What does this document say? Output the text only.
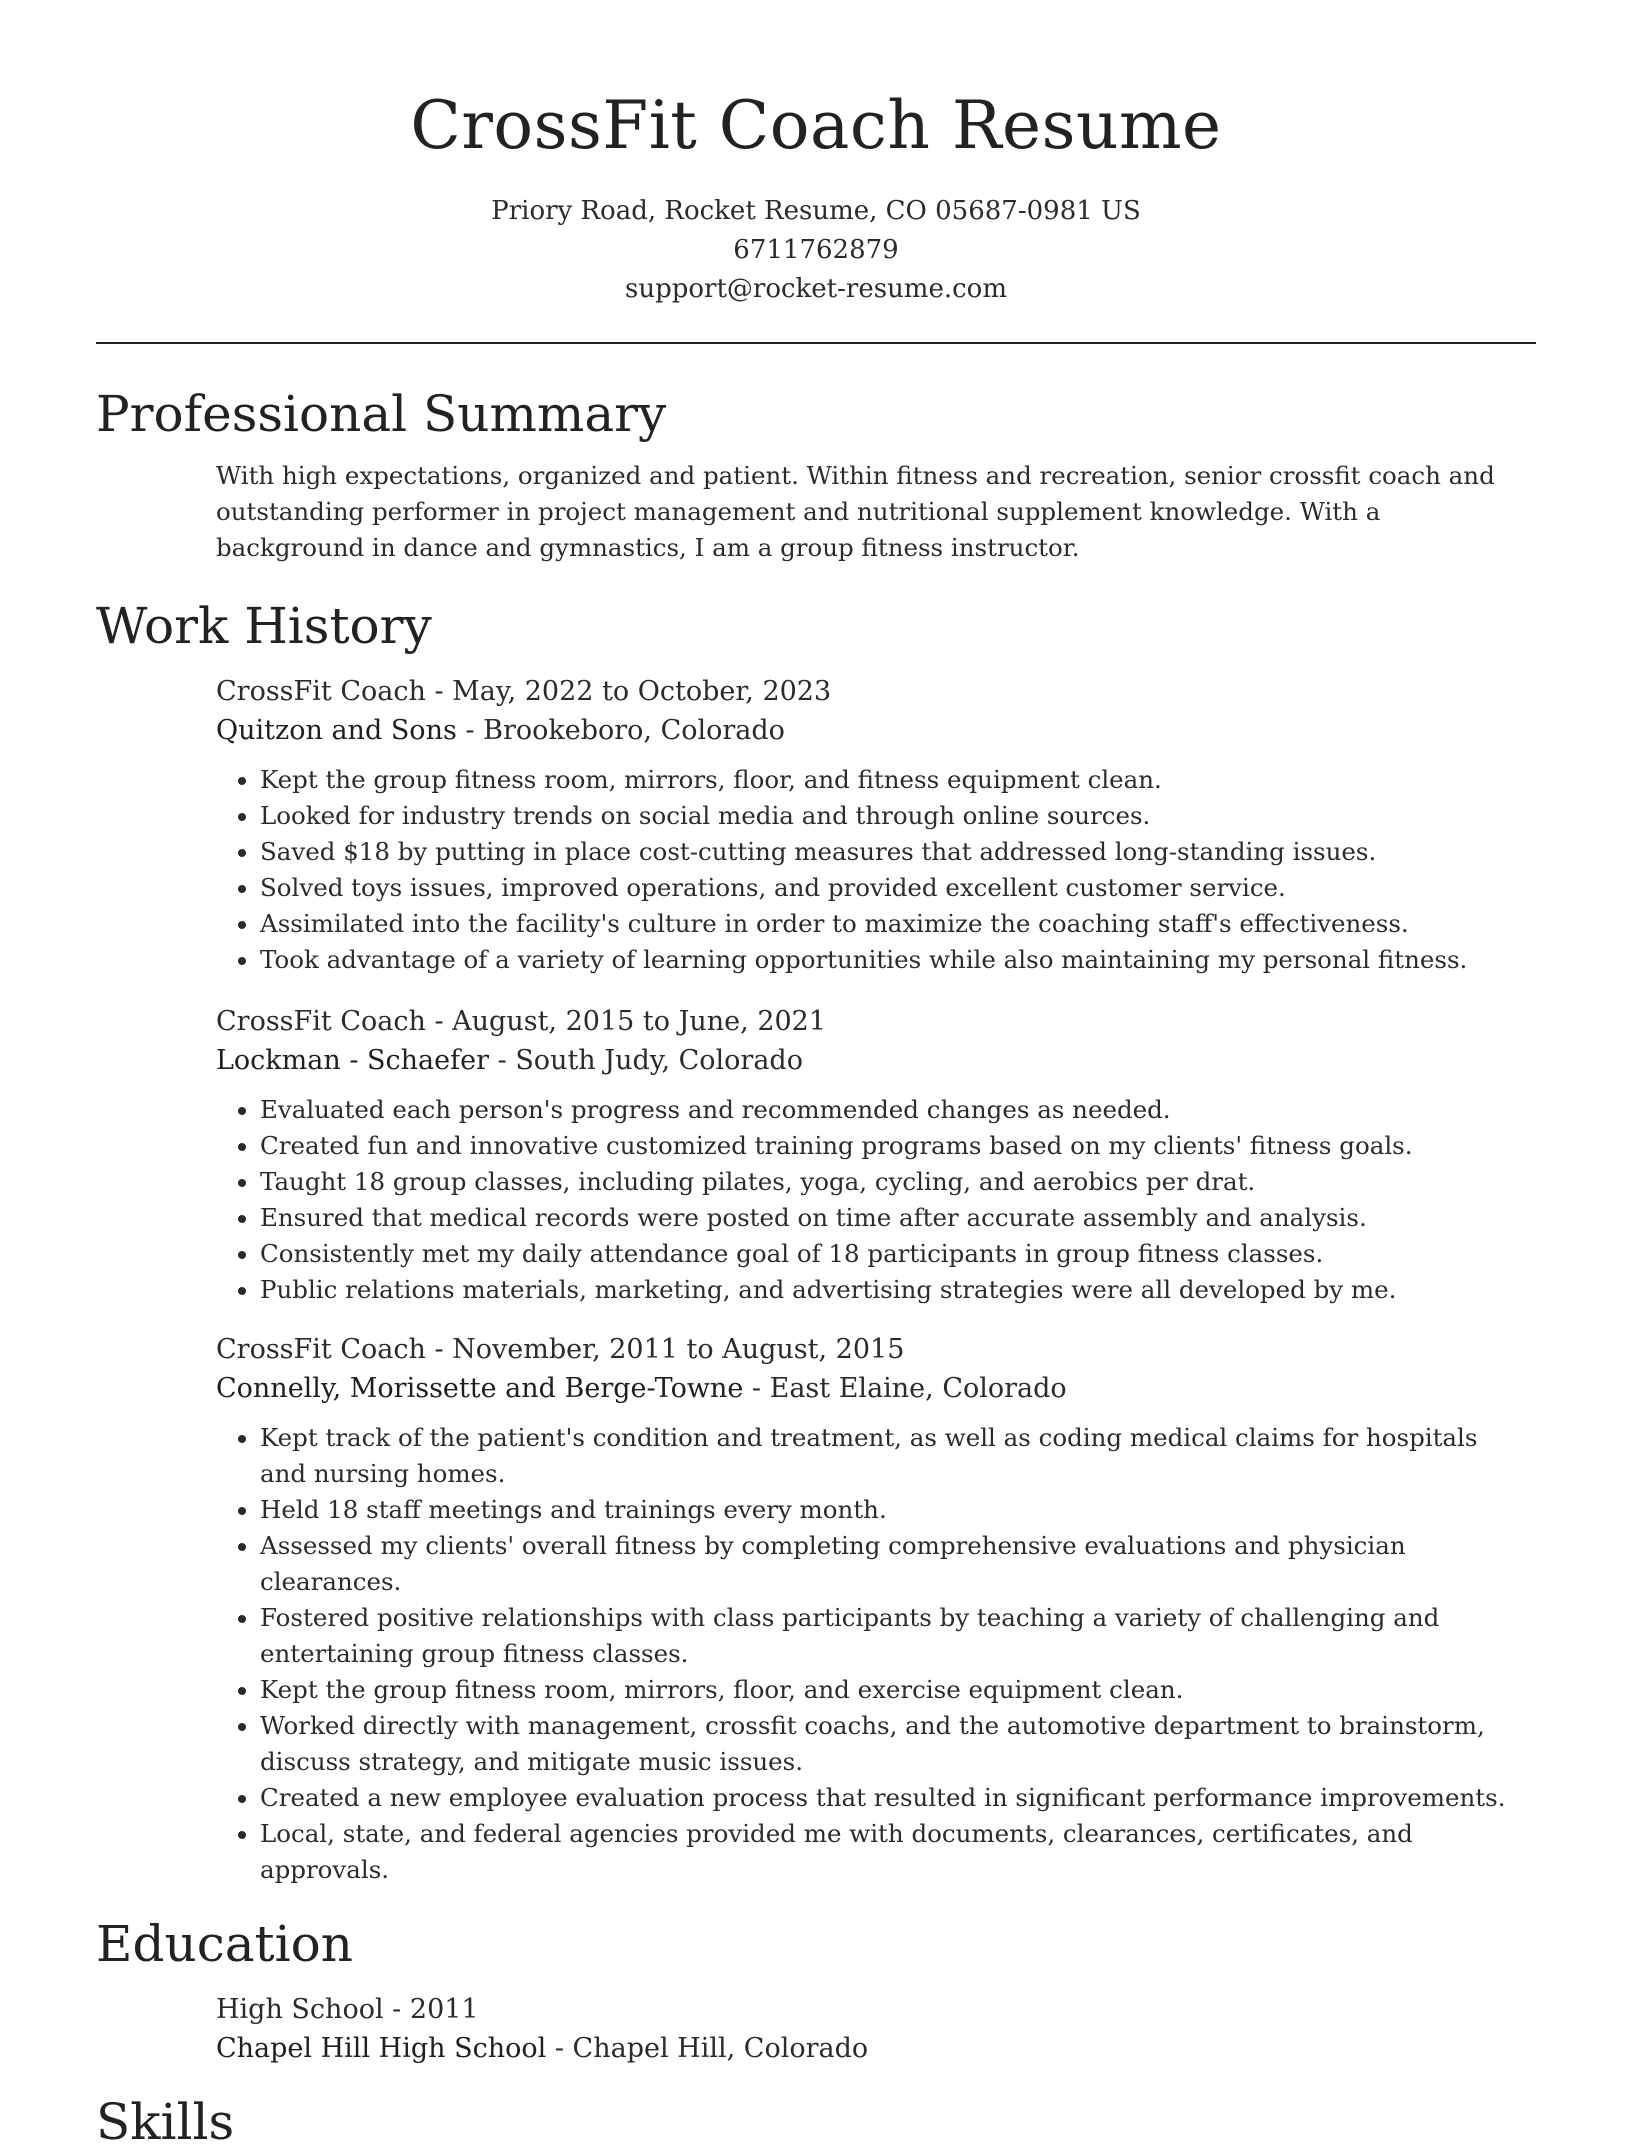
CrossFit Coach Resume
Priory Road, Rocket Resume, CO 05687-0981 US
6711762879
support@rocket-resume.com
Professional Summary

With high expectations, organized and patient. Within fitness and recreation, senior crossfit coach and outstanding performer in project management and nutritional supplement knowledge. With a background in dance and gymnastics, I am a group fitness instructor.

Work History
CrossFit Coach - May, 2022 to October, 2023
Quitzon and Sons - Brookeboro, Colorado
• Kept the group fitness room, mirrors, floor, and fitness equipment clean.
• Looked for industry trends on social media and through online sources.
• Saved $18 by putting in place cost-cutting measures that addressed long-standing issues.
• Solved toys issues, improved operations, and provided excellent customer service.
• Assimilated into the facility's culture in order to maximize the coaching staff's effectiveness.
• Took advantage of a variety of learning opportunities while also maintaining my personal fitness.
CrossFit Coach - August, 2015 to June, 2021
Lockman - Schaefer - South Judy, Colorado
• Evaluated each person's progress and recommended changes as needed.
• Created fun and innovative customized training programs based on my clients' fitness goals.
• Taught 18 group classes, including pilates, yoga, cycling, and aerobics per drat.
• Ensured that medical records were posted on time after accurate assembly and analysis.
• Consistently met my daily attendance goal of 18 participants in group fitness classes.
• Public relations materials, marketing, and advertising strategies were all developed by me.
CrossFit Coach - November, 2011 to August, 2015
Connelly, Morissette and Berge-Towne - East Elaine, Colorado
• Kept track of the patient's condition and treatment, as well as coding medical claims for hospitals and nursing homes.
• Held 18 staff meetings and trainings every month.
• Assessed my clients' overall fitness by completing comprehensive evaluations and physician clearances.
• Fostered positive relationships with class participants by teaching a variety of challenging and entertaining group fitness classes.
• Kept the group fitness room, mirrors, floor, and exercise equipment clean.
• Worked directly with management, crossfit coachs, and the automotive department to brainstorm, discuss strategy, and mitigate music issues.
• Created a new employee evaluation process that resulted in significant performance improvements.
• Local, state, and federal agencies provided me with documents, clearances, certificates, and approvals.
Education
High School - 2011
Chapel Hill High School - Chapel Hill, Colorado
Skills
